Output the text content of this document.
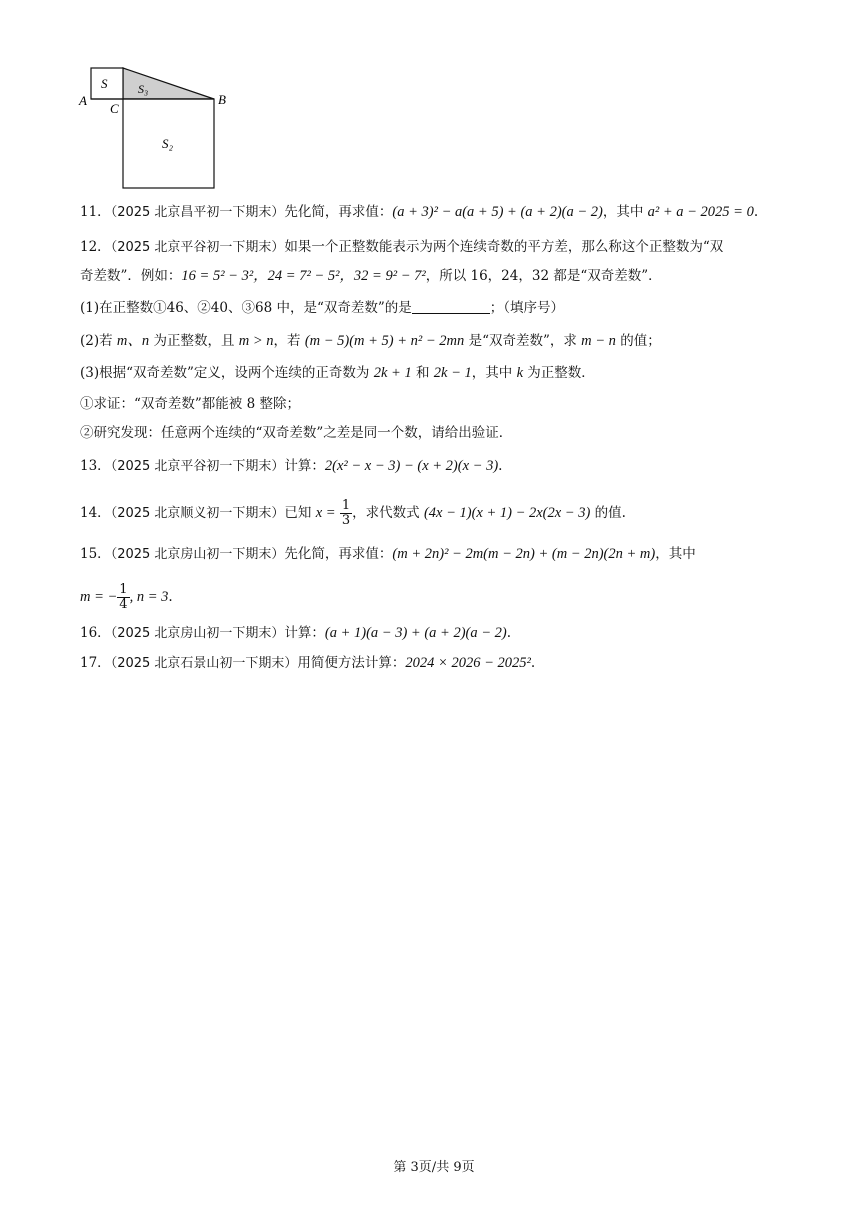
S	S₃
S₂
A
C
B
11．（2025 北京昌平初一下期末）先化简，再求值：(a + 3)² − a(a + 5) + (a + 2)(a − 2)，其中 a² + a − 2025 = 0.
12．（2025 北京平谷初一下期末）如果一个正整数能表示为两个连续奇数的平方差，那么称这个正整数为“双
奇差数”．例如：16 = 5² − 3²，24 = 7² − 5²，32 = 9² − 7²，所以 16，24，32 都是“双奇差数”．
(1)在正整数①46、②40、③68 中，是“双奇差数”的是	；（填序号）
(2)若 m、n 为正整数，且 m > n，若 (m − 5)(m + 5) + n² − 2mn 是“双奇差数”，求 m − n 的值；
(3)根据“双奇差数”定义，设两个连续的正奇数为 2k + 1 和 2k − 1，其中 k 为正整数．
①求证：“双奇差数”都能被 8 整除；
②研究发现：任意两个连续的“双奇差数”之差是同一个数，请给出验证．
13．（2025 北京平谷初一下期末）计算：2(x² − x − 3) − (x + 2)(x − 3).
14．（2025 北京顺义初一下期末）已知 $x = \frac{1}{3}$ ，求代数式 (4x − 1)(x + 1) − 2x(2x − 3) 的值.
15．（2025 北京房山初一下期末）先化简，再求值：(m + 2n)² − 2m(m − 2n) + (m − 2n)(2n + m)，其中
m = − $\frac{1}{4}$ , n = 3.
16．（2025 北京房山初一下期末）计算：(a + 1)(a − 3) + (a + 2)(a − 2).
17．（2025 北京石景山初一下期末）用简便方法计算：2024 × 2026 − 2025².
第 3页/共 9页
